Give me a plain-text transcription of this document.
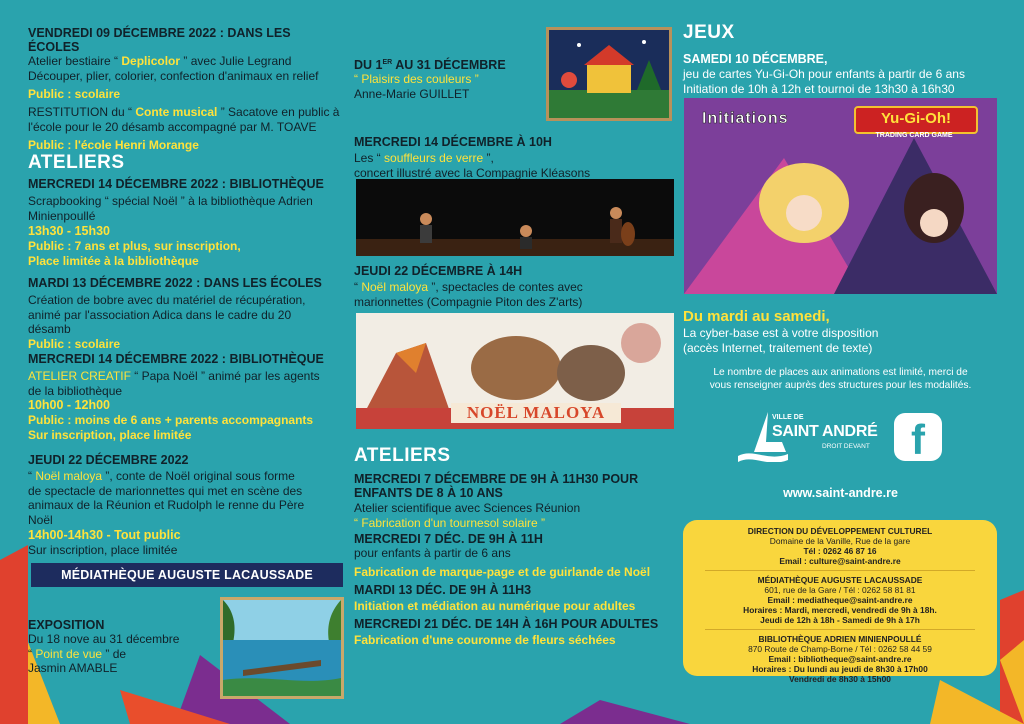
VENDREDI 09 DÉCEMBRE 2022 : DANS LES ÉCOLES
Atelier bestiaire “ Deplicolor ” avec Julie Legrand
Découper, plier, colorier, confection d'animaux en relief
Public : scolaire
RESTITUTION du “ Conte musical ” Sacatove en public à
l'école pour le 20 désamb accompagné par M. TOAVE
Public : l'école Henri Morange
ATELIERS
MERCREDI 14 DÉCEMBRE 2022 : BIBLIOTHÈQUE
Scrapbooking “ spécial Noël ” à la bibliothèque Adrien
Minienpoullé
13h30 - 15h30
Public : 7 ans et plus, sur inscription,
Place limitée à la bibliothèque
MARDI 13 DÉCEMBRE 2022 : DANS LES ÉCOLES
Création de bobre avec du matériel de récupération,
animé par l'association Adica dans le cadre du 20
désamb
Public : scolaire
MERCREDI 14 DÉCEMBRE 2022 : BIBLIOTHÈQUE
ATELIER CREATIF “ Papa Noël ” animé par les agents
de la bibliothèque
10h00 - 12h00
Public : moins de 6 ans + parents accompagnants
Sur inscription, place limitée
JEUDI 22 DÉCEMBRE 2022
“ Noël maloya ”, conte de Noël original sous forme
de spectacle de marionnettes qui met en scène des
animaux de la Réunion et Rudolph le renne du Père
Noël
14h00-14h30 - Tout public
Sur inscription, place limitée
MÉDIATHÈQUE AUGUSTE LACAUSSADE
EXPOSITION
Du 18 nove au 31 décembre
“ Point de vue ” de
Jasmin AMABLE
DU 1ER AU 31 DÉCEMBRE
“ Plaisirs des couleurs ”
Anne-Marie GUILLET
MERCREDI 14 DÉCEMBRE À 10H
Les “ souffleurs de verre ”,
concert illustré avec la Compagnie Kléasons
JEUDI 22 DÉCEMBRE À 14H
“ Noël maloya ”, spectacles de contes avec
marionnettes (Compagnie Piton des Z'arts)
NOËL MALOYA
ATELIERS
MERCREDI 7 DÉCEMBRE DE 9H À 11H30 POUR
ENFANTS DE 8 À 10 ANS
Atelier scientifique avec Sciences Réunion
“ Fabrication d'un tournesol solaire ”
MERCREDI 7 DÉC. DE 9H À 11H
pour enfants à partir de 6 ans
Fabrication de marque-page et de guirlande de Noël
MARDI 13 DÉC. DE 9H À 11H3
Initiation et médiation au numérique pour adultes
MERCREDI 21 DÉC. DE 14H À 16H POUR ADULTES
Fabrication d'une couronne de fleurs séchées
JEUX
SAMEDI 10 DÉCEMBRE,
jeu de cartes Yu-Gi-Oh pour enfants à partir de 6 ans
Initiation de 10h à 12h et tournoi de 13h30 à 16h30
Initiations	Yu-Gi-Oh!
TRADING CARD GAME
Du mardi au samedi,
La cyber-base est à votre disposition
(accès Internet, traitement de texte)
Le nombre de places aux animations est limité, merci de
vous renseigner auprès des structures pour les modalités.
VILLE DE
SAINT ANDRÉ
DROIT DEVANT f
www.saint-andre.re
DIRECTION DU DÉVELOPPEMENT CULTUREL
Domaine de la Vanille, Rue de la gare
Tél : 0262 46 87 16
Email : culture@saint-andre.re
MÉDIATHÈQUE AUGUSTE LACAUSSADE
601, rue de la Gare / Tél : 0262 58 81 81
Email : mediatheque@saint-andre.re
Horaires : Mardi, mercredi, vendredi de 9h à 18h.
Jeudi de 12h à 18h - Samedi de 9h à 17h
BIBLIOTHÈQUE ADRIEN MINIENPOULLÉ
870 Route de Champ-Borne / Tél : 0262 58 44 59
Email : bibliotheque@saint-andre.re
Horaires : Du lundi au jeudi de 8h30 à 17h00
Vendredi de 8h30 à 15h00
